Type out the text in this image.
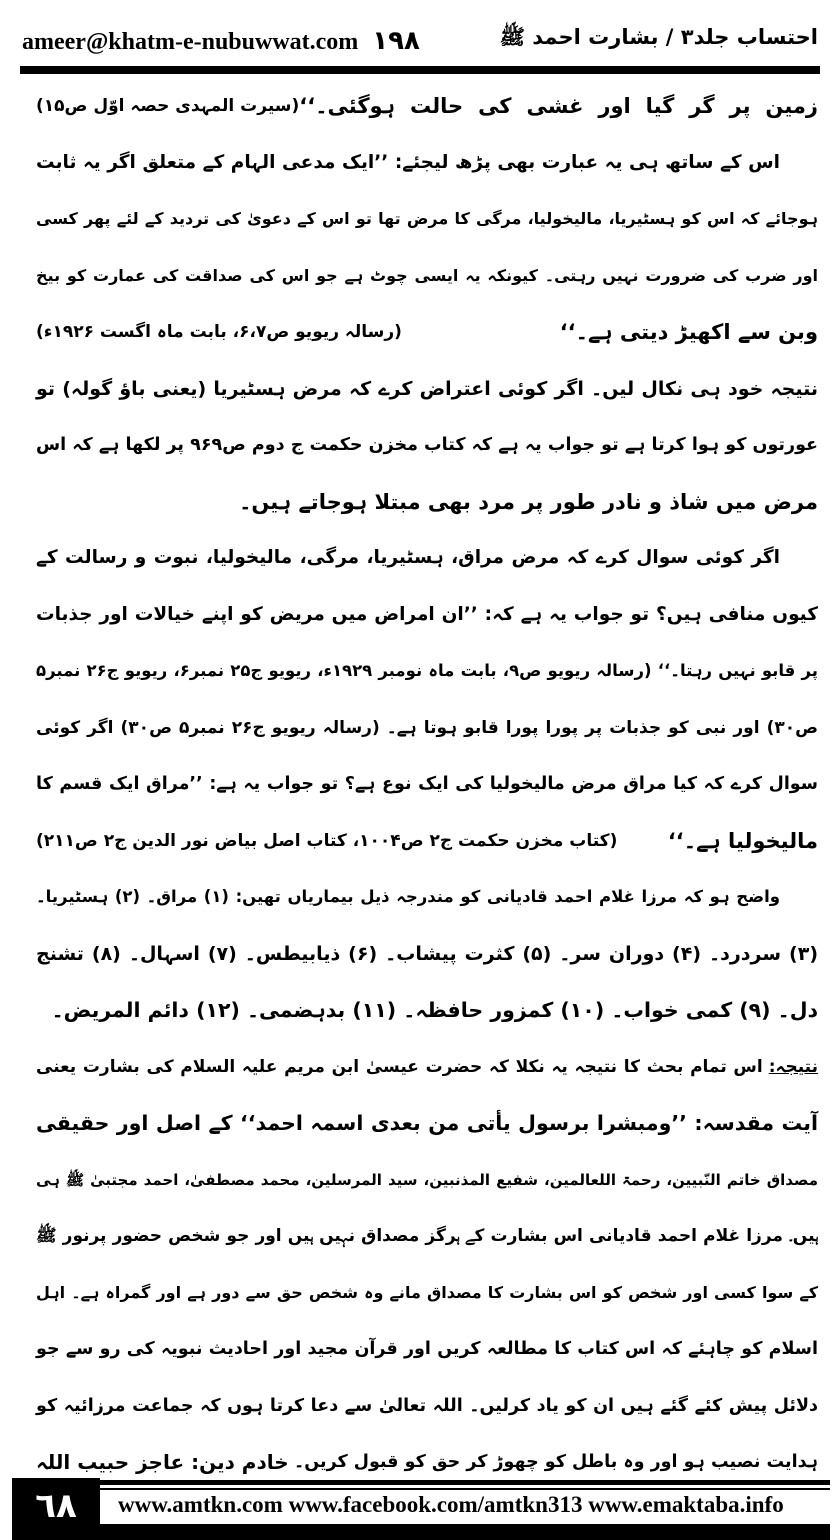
ameer@khatm-e-nubuwwat.com ۱۹۸	احتساب جلد۳ / بشارت احمد ﷺ
زمین پر گر گیا اور غشی کی حالت ہوگئی۔‘‘
(سیرت المہدی حصہ اوّل ص۱۵)
اس کے ساتھ ہی یہ عبارت بھی پڑھ لیجئے: ’’ایک مدعی الہام کے متعلق اگر یہ ثابت
ہوجائے کہ اس کو ہسٹیریا، مالیخولیا، مرگی کا مرض تھا تو اس کے دعویٰ کی تردید کے لئے پھر کسی
اور ضرب کی ضرورت نہیں رہتی۔ کیونکہ یہ ایسی چوٹ ہے جو اس کی صداقت کی عمارت کو بیخ
وبن سے اکھیڑ دیتی ہے۔‘‘
(رسالہ ریویو ص۶،۷، بابت ماہ اگست ۱۹۲۶ء)
نتیجہ خود ہی نکال لیں۔ اگر کوئی اعتراض کرے کہ مرض ہسٹیریا (یعنی باؤ گولہ) تو
عورتوں کو ہوا کرتا ہے تو جواب یہ ہے کہ کتاب مخزن حکمت ج دوم ص۹۶۹ پر لکھا ہے کہ اس
مرض میں شاذ و نادر طور پر مرد بھی مبتلا ہوجاتے ہیں۔
اگر کوئی سوال کرے کہ مرض مراق، ہسٹیریا، مرگی، مالیخولیا، نبوت و رسالت کے
کیوں منافی ہیں؟ تو جواب یہ ہے کہ: ’’ان امراض میں مریض کو اپنے خیالات اور جذبات
پر قابو نہیں رہتا۔‘‘ (رسالہ ریویو ص۹، بابت ماہ نومبر ۱۹۲۹ء، ریویو ج۲۵ نمبر۶، ریویو ج۲۶ نمبر۵
ص۳۰) اور نبی کو جذبات پر پورا پورا قابو ہوتا ہے۔ (رسالہ ریویو ج۲۶ نمبر۵ ص۳۰) اگر کوئی
سوال کرے کہ کیا مراق مرض مالیخولیا کی ایک نوع ہے؟ تو جواب یہ ہے: ’’مراق ایک قسم کا
مالیخولیا ہے۔‘‘
(کتاب مخزن حکمت ج۲ ص۱۰۰۴، کتاب اصل بیاض نور الدین ج۲ ص۲۱۱)
واضح ہو کہ مرزا غلام احمد قادیانی کو مندرجہ ذیل بیماریاں تھیں: (۱) مراق۔ (۲) ہسٹیریا۔
(۳) سردرد۔ (۴) دوران سر۔ (۵) کثرت پیشاب۔ (۶) ذیابیطس۔ (۷) اسہال۔ (۸) تشنج
دل۔ (۹) کمی خواب۔ (۱۰) کمزور حافظہ۔ (۱۱) بدہضمی۔ (۱۲) دائم المریض۔
نتیجہ:
اس تمام بحث کا نتیجہ یہ نکلا کہ حضرت عیسیٰ ابن مریم علیہ السلام کی بشارت یعنی
آیت مقدسہ: ’’ومبشرا برسول یأتی من بعدی اسمہ احمد‘‘ کے اصل اور حقیقی
مصداق خاتم النّبیین، رحمۃ اللعالمین، شفیع المذنبین، سید المرسلین، محمد مصطفیٰ، احمد مجتبیٰ ﷺ ہی
ہیں۔ مرزا غلام احمد قادیانی اس بشارت کے ہرگز مصداق نہیں ہیں اور جو شخص حضور پرنور ﷺ
کے سوا کسی اور شخص کو اس بشارت کا مصداق مانے وہ شخص حق سے دور ہے اور گمراہ ہے۔ اہل
اسلام کو چاہئے کہ اس کتاب کا مطالعہ کریں اور قرآن مجید اور احادیث نبویہ کی رو سے جو
دلائل پیش کئے گئے ہیں ان کو یاد کرلیں۔ اللہ تعالیٰ سے دعا کرتا ہوں کہ جماعت مرزائیہ کو
ہدایت نصیب ہو اور وہ باطل کو چھوڑ کر حق کو قبول کریں۔
خادم دین: عاجز حبیب اللہ
٦٨	www.amtkn.com www.facebook.com/amtkn313 www.emaktaba.info
